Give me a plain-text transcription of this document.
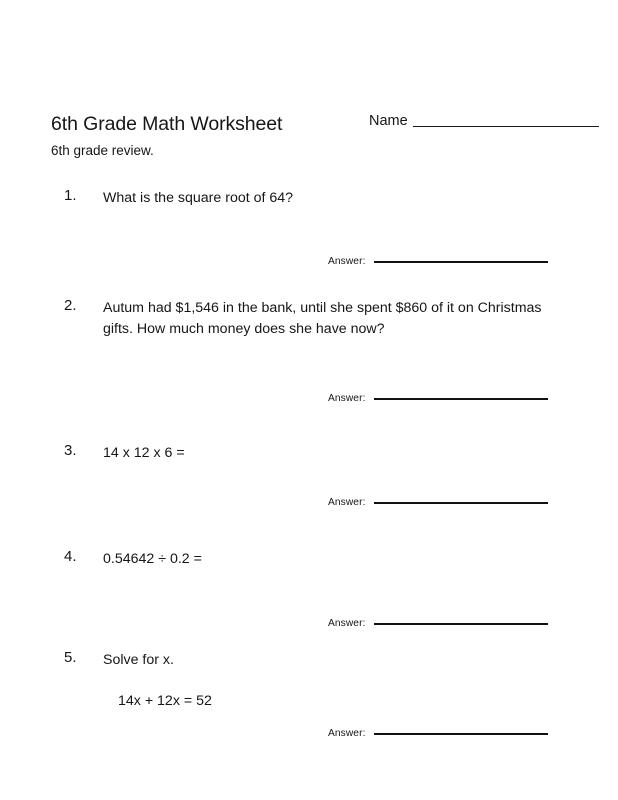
6th Grade Math Worksheet
6th grade review.
Name
1.	What is the square root of 64?
Answer:
2.	Autum had $1,546 in the bank, until she spent $860 of it on Christmas gifts. How much money does she have now?
Answer:
3.	14 x 12 x 6 =
Answer:
4.	0.54642 ÷ 0.2 =
Answer:
5.	Solve for x.
14x + 12x = 52
Answer:
